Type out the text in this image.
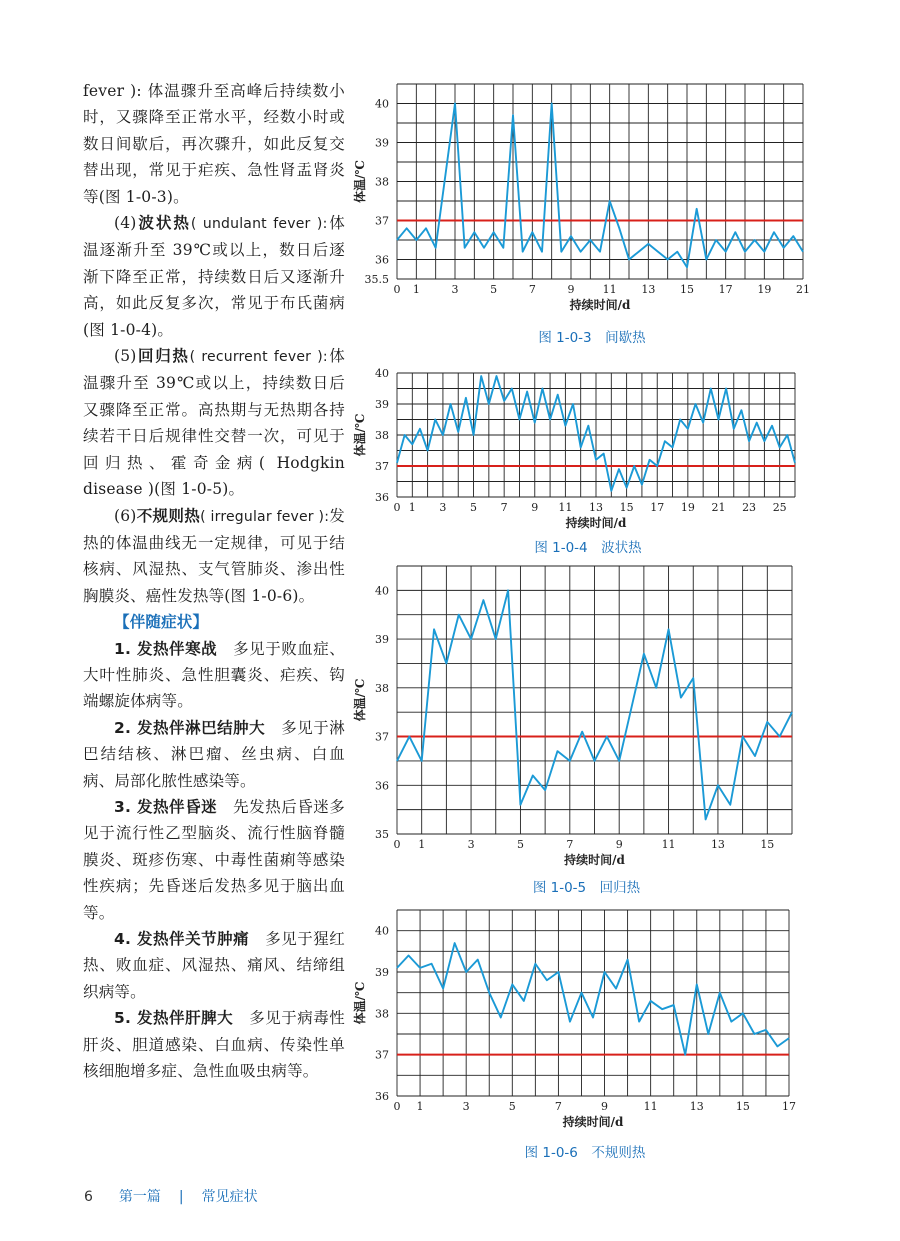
fever ): 体温骤升至高峰后持续数小时，又骤降至正常水平，经数小时或数日间歇后，再次骤升，如此反复交替出现，常见于疟疾、急性肾盂肾炎等(图 1-0-3)。

(4)波状热( undulant fever ):体温逐渐升至 39℃或以上，数日后逐渐下降至正常，持续数日后又逐渐升高，如此反复多次，常见于布氏菌病(图 1-0-4)。

(5)回归热( recurrent fever ):体温骤升至 39℃或以上，持续数日后又骤降至正常。高热期与无热期各持续若干日后规律性交替一次，可见于回归热、霍奇金病( Hodgkin disease )(图 1-0-5)。

(6)不规则热( irregular fever ):发热的体温曲线无一定规律，可见于结核病、风湿热、支气管肺炎、渗出性胸膜炎、癌性发热等(图 1-0-6)。

【伴随症状】

1. 发热伴寒战　 多见于败血症、大叶性肺炎、急性胆囊炎、疟疾、钩端螺旋体病等。

2. 发热伴淋巴结肿大　 多见于淋巴结结核、淋巴瘤、丝虫病、白血病、局部化脓性感染等。

3. 发热伴昏迷　 先发热后昏迷多见于流行性乙型脑炎、流行性脑脊髓膜炎、斑疹伤寒、中毒性菌痢等感染性疾病；先昏迷后发热多见于脑出血等。

4. 发热伴关节肿痛　 多见于猩红热、败血症、风湿热、痛风、结缔组织病等。

5. 发热伴肝脾大　 多见于病毒性肝炎、胆道感染、白血病、传染性单核细胞增多症、急性血吸虫病等。

35.5
36
37
38
39
40
0 1	3	5	7	9	11 13 15 17 19 21
持续时间/d
体温/℃
36
37
38
39
40
0 1 3 5 7 9 11 13 15 17 19 21 23 25
持续时间/d
体温/℃
35
36
37
38
39
40
0 1	3	5	7	9	11	13	15
持续时间/d
体温/℃
36
37
38
39
40
0 1	3	5	7	9	11	13	15	17
持续时间/d
体温/℃
图 1-0-3　间歇热
图 1-0-4　波状热
图 1-0-5　回归热
图 1-0-6　不规则热
6 第一篇 | 常见症状
